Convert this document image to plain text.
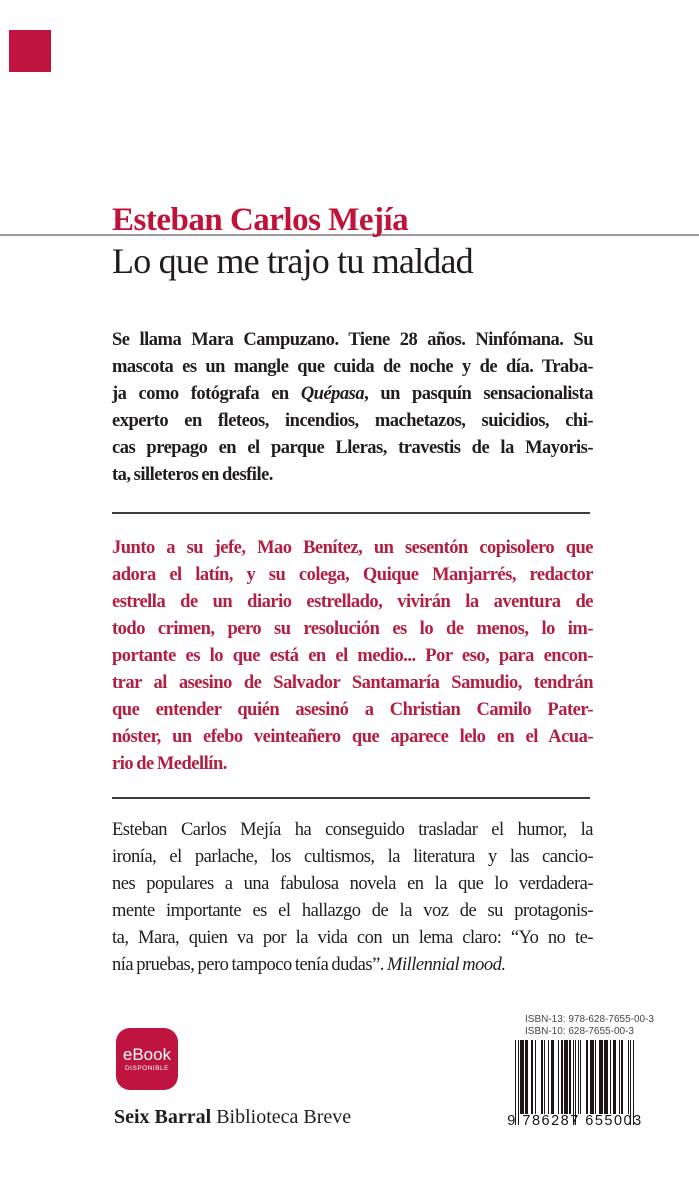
Esteban Carlos Mejía
Lo que me trajo tu maldad
Se llama Mara Campuzano. Tiene 28 años. Ninfómana. Su
mascota es un mangle que cuida de noche y de día. Traba-
ja como fotógrafa en Quépasa, un pasquín sensacionalista
experto en fleteos, incendios, machetazos, suicidios, chi-
cas prepago en el parque Lleras, travestis de la Mayoris-
ta, silleteros en desfile.
Junto a su jefe, Mao Benítez, un sesentón copisolero que
adora el latín, y su colega, Quique Manjarrés, redactor
estrella de un diario estrellado, vivirán la aventura de
todo crimen, pero su resolución es lo de menos, lo im-
portante es lo que está en el medio... Por eso, para encon-
trar al asesino de Salvador Santamaría Samudio, tendrán
que entender quién asesinó a Christian Camilo Pater-
nóster, un efebo veinteañero que aparece lelo en el Acua-
rio de Medellín.
Esteban Carlos Mejía ha conseguido trasladar el humor, la
ironía, el parlache, los cultismos, la literatura y las cancio-
nes populares a una fabulosa novela en la que lo verdadera-
mente importante es el hallazgo de la voz de su protagonis-
ta, Mara, quien va por la vida con un lema claro: “Yo no te-
nía pruebas, pero tampoco tenía dudas”. Millennial mood.
eBook
DISPONIBLE
Seix Barral Biblioteca Breve
ISBN-13: 978-628-7655-00-3
ISBN-10: 628-7655-00-3
9 786287 655003
